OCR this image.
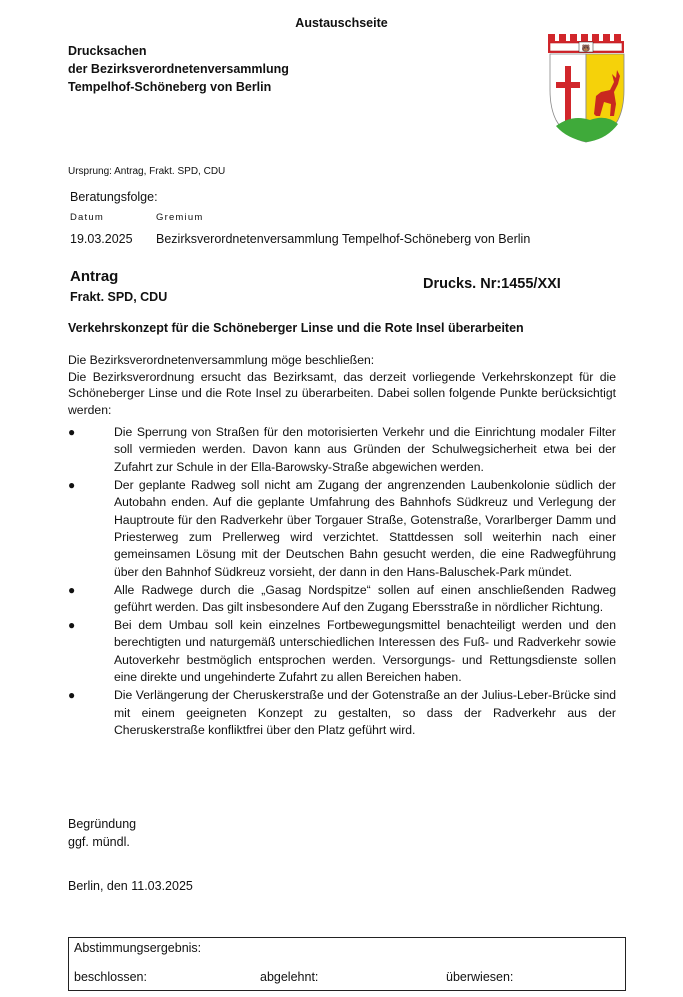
Austauschseite
Drucksachen
der Bezirksverordnetenversammlung
Tempelhof-Schöneberg von Berlin
🐻
Ursprung: Antrag, Frakt. SPD, CDU
Beratungsfolge:
Datum	Gremium
19.03.2025 Bezirksverordnetenversammlung Tempelhof-Schöneberg von Berlin
Antrag
Frakt. SPD, CDU
Drucks. Nr:1455/XXI
Verkehrskonzept für die Schöneberger Linse und die Rote Insel überarbeiten

Die Bezirksverordnetenversammlung möge beschließen:

Die Bezirksverordnung ersucht das Bezirksamt, das derzeit vorliegende Verkehrskonzept für die Schöneberger Linse und die Rote Insel zu überarbeiten. Dabei sollen folgende Punkte berücksichtigt werden:

●	Die Sperrung von Straßen für den motorisierten Verkehr und die Einrichtung modaler Filter soll vermieden werden. Davon kann aus Gründen der Schulwegsicherheit etwa bei der Zufahrt zur Schule in der Ella-Barowsky-Straße abgewichen werden.
●	Der geplante Radweg soll nicht am Zugang der angrenzenden Laubenkolonie südlich der Autobahn enden. Auf die geplante Umfahrung des Bahnhofs Südkreuz und Verlegung der Hauptroute für den Radverkehr über Torgauer Straße, Gotenstraße, Vorarlberger Damm und Priesterweg zum Prellerweg wird verzichtet. Stattdessen soll weiterhin nach einer gemeinsamen Lösung mit der Deutschen Bahn gesucht werden, die eine Radwegführung über den Bahnhof Südkreuz vorsieht, der dann in den Hans-Baluschek-Park mündet.
●	Alle Radwege durch die „Gasag Nordspitze“ sollen auf einen anschließenden Radweg geführt werden. Das gilt insbesondere Auf den Zugang Ebersstraße in nördlicher Richtung.
●	Bei dem Umbau soll kein einzelnes Fortbewegungsmittel benachteiligt werden und den berechtigten und naturgemäß unterschiedlichen Interessen des Fuß- und Radverkehr sowie Autoverkehr bestmöglich entsprochen werden. Versorgungs- und Rettungsdienste sollen eine direkte und ungehinderte Zufahrt zu allen Bereichen haben.
●	Die Verlängerung der Cheruskerstraße und der Gotenstraße an der Julius-Leber-Brücke sind mit einem geeigneten Konzept zu gestalten, so dass der Radverkehr aus der Cheruskerstraße konfliktfrei über den Platz geführt wird.
Begründung
ggf. mündl.
Berlin, den 11.03.2025
Abstimmungsergebnis:
beschlossen:	abgelehnt:	überwiesen:
